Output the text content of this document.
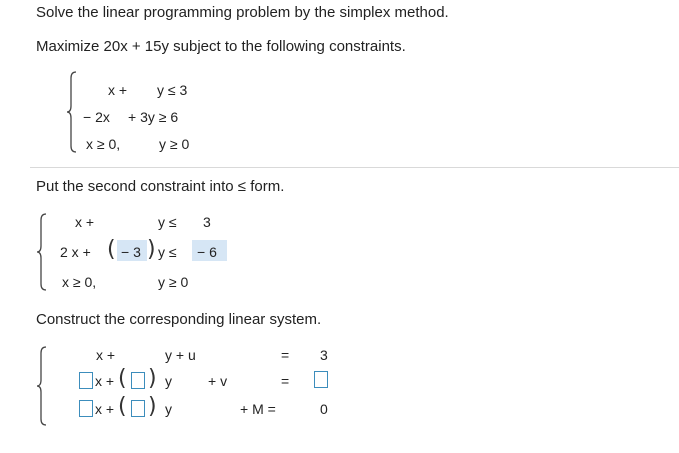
Solve the linear programming problem by the simplex method.
Maximize 20x + 15y subject to the following constraints.
x + y ≤ 3
− 2x + 3y ≥ 6
x ≥ 0,	y ≥ 0
Put the second constraint into ≤ form.
x +	y ≤ 3
2 x + ( − 3 ) y ≤ − 6
x ≥ 0,	y ≥ 0
Construct the corresponding linear system.
x +	y + u	= 3
x + ( ) y	+ v	=
x + ( ) y	+ M =	0
